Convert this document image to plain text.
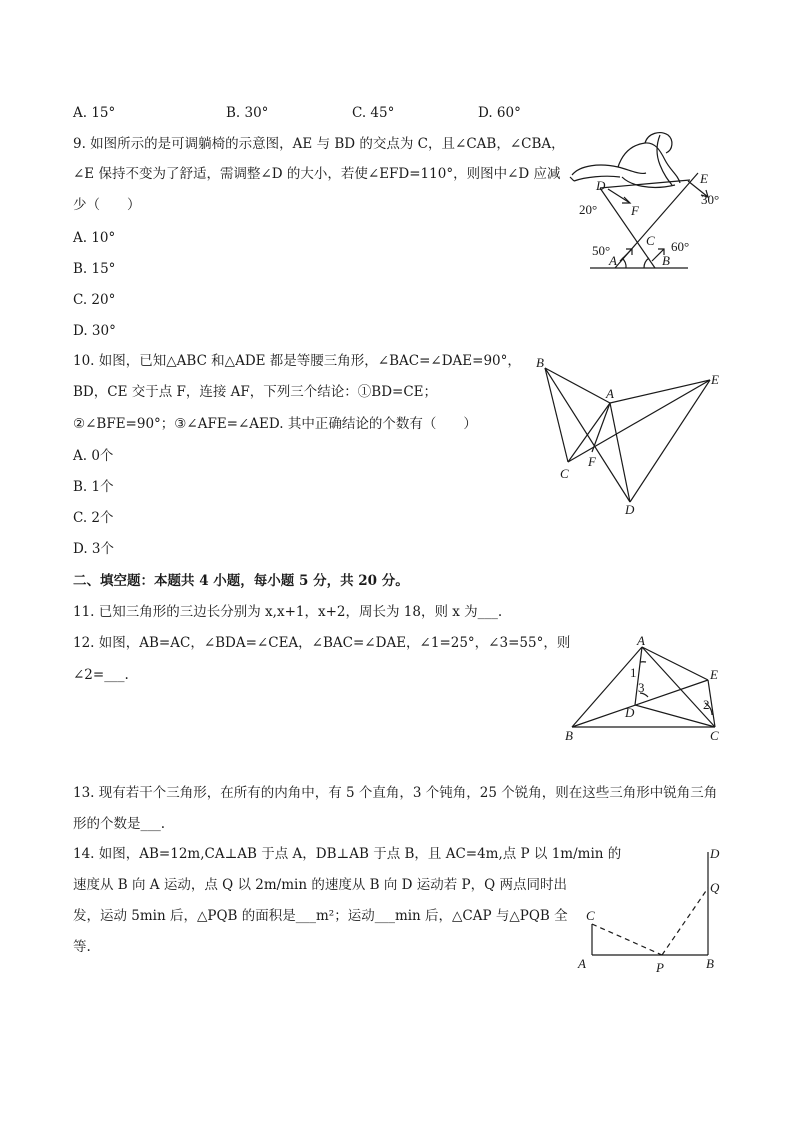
A. 15°	B. 30°	C. 45°	D. 60°
9. 如图所示的是可调躺椅的示意图，AE 与 BD 的交点为 C，且∠CAB，∠CBA，
∠E 保持不变为了舒适，需调整∠D 的大小，若使∠EFD=110°，则图中∠D 应减
少（　　）
A. 10°
B. 15°
C. 20°
D. 30°
D	E
F
C
A	B
20°
30°
50°	60°
10. 如图，已知△ABC 和△ADE 都是等腰三角形，∠BAC=∠DAE=90°，
BD，CE 交于点 F，连接 AF，下列三个结论：①BD=CE；
②∠BFE=90°；③∠AFE=∠AED. 其中正确结论的个数有（　　）
A. 0个
B. 1个
C. 2个
D. 3个
B
A
E
C
F
D
二、填空题：本题共 4 小题，每小题 5 分，共 20 分。
11. 已知三角形的三边长分别为 x,x+1，x+2，周长为 18，则 x 为___.
12. 如图，AB=AC，∠BDA=∠CEA，∠BAC=∠DAE，∠1=25°，∠3=55°，则
∠2=___.
A
E
D
B	C
1
2
3
13. 现有若干个三角形，在所有的内角中，有 5 个直角，3 个钝角，25 个锐角，则在这些三角形中锐角三角
形的个数是___.
14. 如图，AB=12m,CA⊥AB 于点 A，DB⊥AB 于点 B，且 AC=4m,点 P 以 1m/min 的
速度从 B 向 A 运动，点 Q 以 2m/min 的速度从 B 向 D 运动若 P，Q 两点同时出
发，运动 5min 后，△PQB 的面积是___m²；运动___min 后，△CAP 与△PQB 全
等.
D
Q
C
A	P	B
